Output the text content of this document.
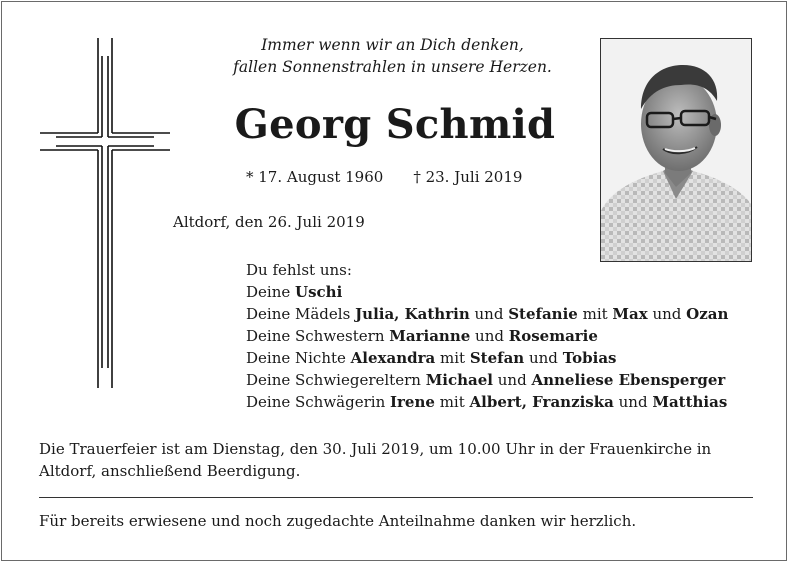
Immer wenn wir an Dich denken,
fallen Sonnenstrahlen in unsere Herzen.
Georg Schmid
* 17. August 1960 † 23. Juli 2019
Altdorf, den 26. Juli 2019
Du fehlst uns:
Deine Uschi
Deine Mädels Julia, Kathrin und Stefanie mit Max und Ozan
Deine Schwestern Marianne und Rosemarie
Deine Nichte Alexandra mit Stefan und Tobias
Deine Schwiegereltern Michael und Anneliese Ebensperger
Deine Schwägerin Irene mit Albert, Franziska und Matthias
Die Trauerfeier ist am Dienstag, den 30. Juli 2019, um 10.00 Uhr in der Frauenkirche in Altdorf, anschließend Beerdigung.
Für bereits erwiesene und noch zugedachte Anteilnahme danken wir herzlich.
